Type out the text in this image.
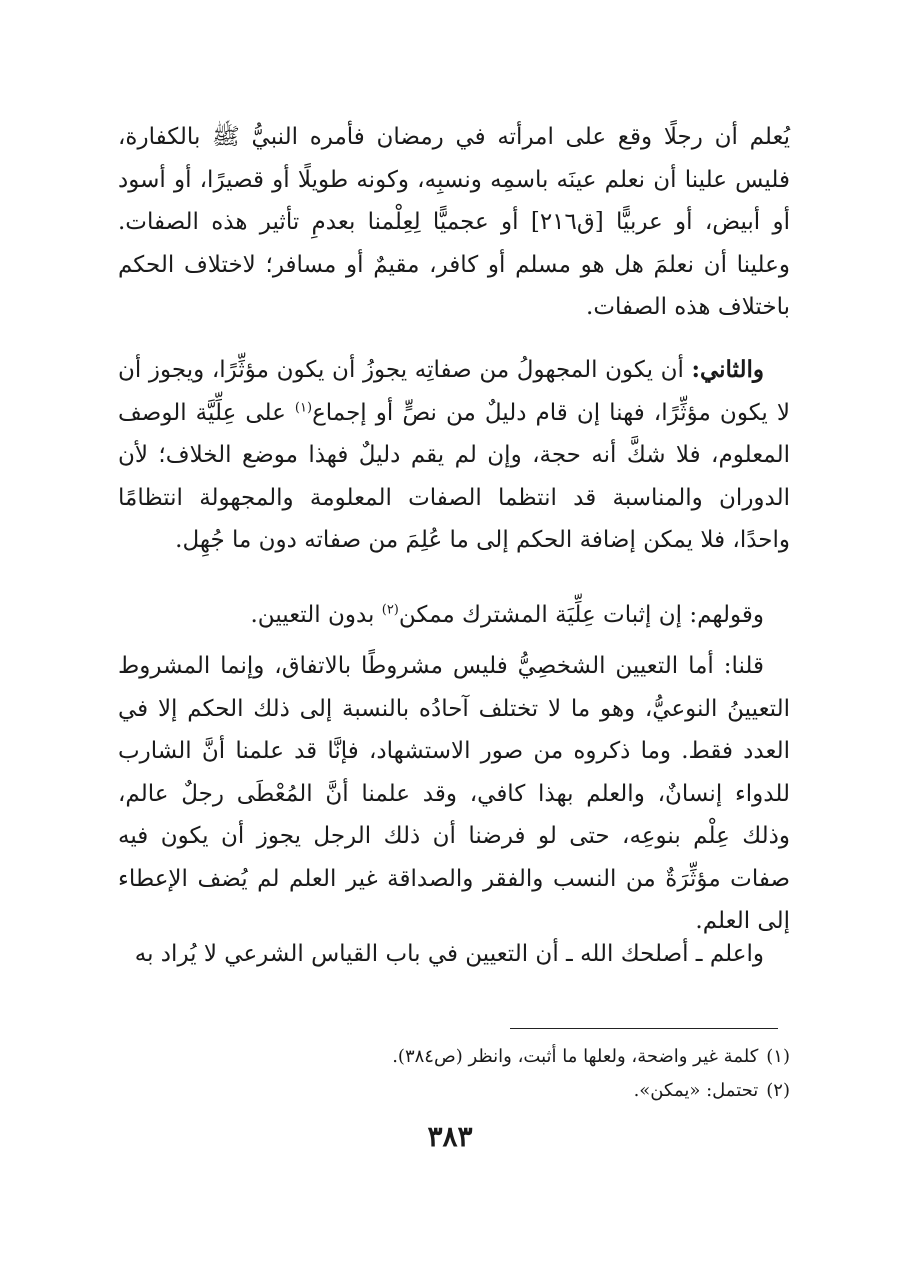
يُعلم أن رجلًا وقع على امرأته في رمضان فأمره النبيُّ ﷺ بالكفارة، فليس علينا أن نعلم عينَه باسمِه ونسبِه، وكونه طويلًا أو قصيرًا، أو أسود أو أبيض، أو عربيًّا [ق٢١٦] أو عجميًّا لِعِلْمنا بعدمِ تأثير هذه الصفات. وعلينا أن نعلمَ هل هو مسلم أو كافر، مقيمٌ أو مسافر؛ لاختلاف الحكم باختلاف هذه الصفات.

والثاني: أن يكون المجهولُ من صفاتِه يجوزُ أن يكون مؤثِّرًا، ويجوز أن لا يكون مؤثِّرًا، فهنا إن قام دليلٌ من نصٍّ أو إجماع$^{(١)}$ على عِلِّيَّة الوصف المعلوم، فلا شكَّ أنه حجة، وإن لم يقم دليلٌ فهذا موضع الخلاف؛ لأن الدوران والمناسبة قد انتظما الصفات المعلومة والمجهولة انتظامًا واحدًا، فلا يمكن إضافة الحكم إلى ما عُلِمَ من صفاته دون ما جُهِل.

وقولهم: إن إثبات عِلِّيَة المشترك ممكن$^{(٢)}$ بدون التعيين.

قلنا: أما التعيين الشخصِيُّ فليس مشروطًا بالاتفاق، وإنما المشروط التعيينُ النوعيُّ، وهو ما لا تختلف آحادُه بالنسبة إلى ذلك الحكم إلا في العدد فقط. وما ذكروه من صور الاستشهاد، فإنَّا قد علمنا أنَّ الشارب للدواء إنسانٌ، والعلم بهذا كافي، وقد علمنا أنَّ المُعْطَى رجلٌ عالم، وذلك عِلْم بنوعِه، حتى لو فرضنا أن ذلك الرجل يجوز أن يكون فيه صفات مؤثِّرَةٌ من النسب والفقر والصداقة غير العلم لم يُضف الإعطاء إلى العلم.

واعلم ـ أصلحك الله ـ أن التعيين في باب القياس الشرعي لا يُراد به

(١)كلمة غير واضحة، ولعلها ما أثبت، وانظر (ص٣٨٤).

(٢)تحتمل: «يمكن».

٣٨٣
